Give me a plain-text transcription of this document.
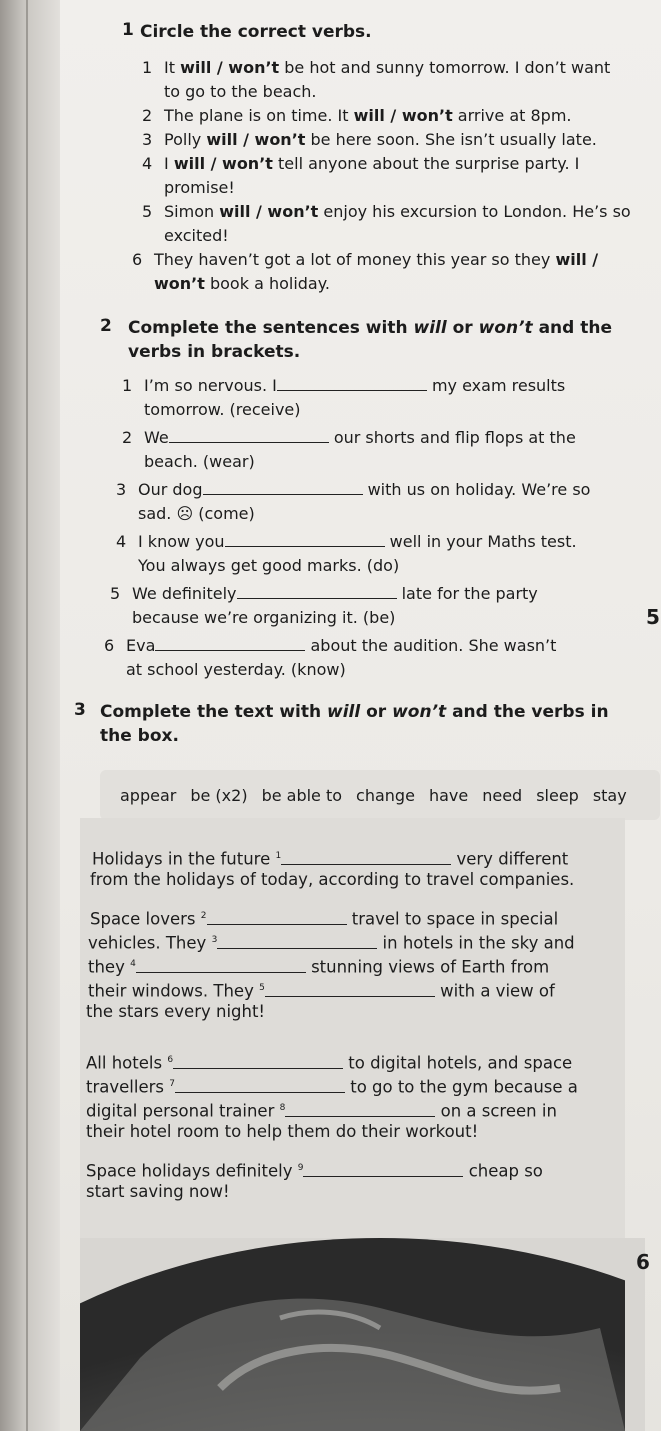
1 Circle the correct verbs.
1 It will / won’t be hot and sunny tomorrow. I don’t want
to go to the beach.
2 The plane is on time. It will / won’t arrive at 8pm.
3 Polly will / won’t be here soon. She isn’t usually late.
4 I will / won’t tell anyone about the surprise party. I
promise!
5 Simon will / won’t enjoy his excursion to London. He’s so
excited!
6 They haven’t got a lot of money this year so they will /
won’t book a holiday.
2 Complete the sentences with will or won’t and the
verbs in brackets.
1 I’m so nervous. I	my exam results
tomorrow. (receive)
2 We	our shorts and flip flops at the
beach. (wear)
3 Our dog	with us on holiday. We’re so
sad. ☹ (come)
4 I know you	well in your Maths test.
You always get good marks. (do)
5 We definitely	late for the party
because we’re organizing it. (be)
6 Eva	about the audition. She wasn’t
at school yesterday. (know)
5
3 Complete the text with will or won’t and the verbs in
the box.
appear be (x2) be able to change have need sleep stay
Holidays in the future $^1$	very different
from the holidays of today, according to travel companies.
Space lovers $^2$	travel to space in special
vehicles. They $^3$	in hotels in the sky and
they $^4$	stunning views of Earth from
their windows. They $^5$	with a view of
the stars every night!
All hotels $^6$	to digital hotels, and space
travellers $^7$	to go to the gym because a
digital personal trainer $^8$	on a screen in
their hotel room to help them do their workout!
Space holidays definitely $^9$	cheap so
start saving now!
6
